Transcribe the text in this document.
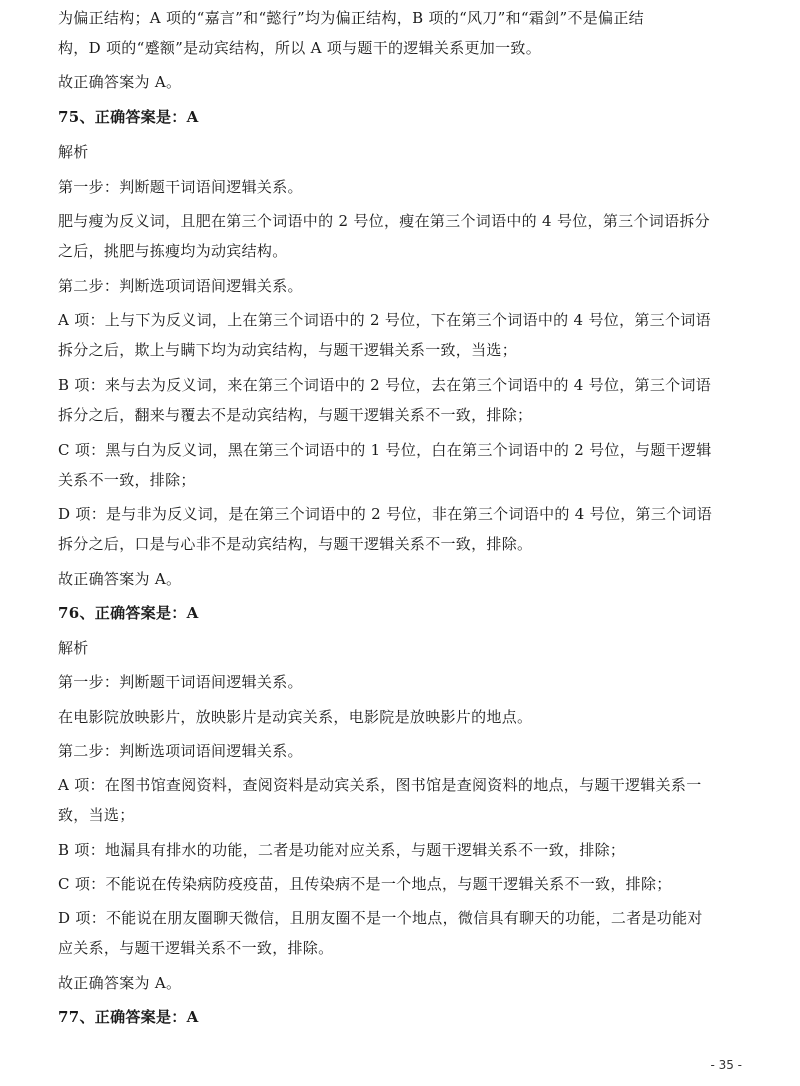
为偏正结构；A 项的“嘉言”和“懿行”均为偏正结构，B 项的“风刀”和“霜剑”不是偏正结

构，D 项的“蹙额”是动宾结构，所以 A 项与题干的逻辑关系更加一致。

故正确答案为 A。

75、正确答案是：A

解析

第一步：判断题干词语间逻辑关系。

肥与瘦为反义词，且肥在第三个词语中的 2 号位，瘦在第三个词语中的 4 号位，第三个词语拆分

之后，挑肥与拣瘦均为动宾结构。

第二步：判断选项词语间逻辑关系。

A 项：上与下为反义词，上在第三个词语中的 2 号位，下在第三个词语中的 4 号位，第三个词语

拆分之后，欺上与瞒下均为动宾结构，与题干逻辑关系一致，当选；

B 项：来与去为反义词，来在第三个词语中的 2 号位，去在第三个词语中的 4 号位，第三个词语

拆分之后，翻来与覆去不是动宾结构，与题干逻辑关系不一致，排除；

C 项：黑与白为反义词，黑在第三个词语中的 1 号位，白在第三个词语中的 2 号位，与题干逻辑

关系不一致，排除；

D 项：是与非为反义词，是在第三个词语中的 2 号位，非在第三个词语中的 4 号位，第三个词语

拆分之后，口是与心非不是动宾结构，与题干逻辑关系不一致，排除。

故正确答案为 A。

76、正确答案是：A

解析

第一步：判断题干词语间逻辑关系。

在电影院放映影片，放映影片是动宾关系，电影院是放映影片的地点。

第二步：判断选项词语间逻辑关系。

A 项：在图书馆查阅资料，查阅资料是动宾关系，图书馆是查阅资料的地点，与题干逻辑关系一

致，当选；

B 项：地漏具有排水的功能，二者是功能对应关系，与题干逻辑关系不一致，排除；

C 项：不能说在传染病防疫疫苗，且传染病不是一个地点，与题干逻辑关系不一致，排除；

D 项：不能说在朋友圈聊天微信，且朋友圈不是一个地点，微信具有聊天的功能，二者是功能对

应关系，与题干逻辑关系不一致，排除。

故正确答案为 A。

77、正确答案是：A

- 35 -
